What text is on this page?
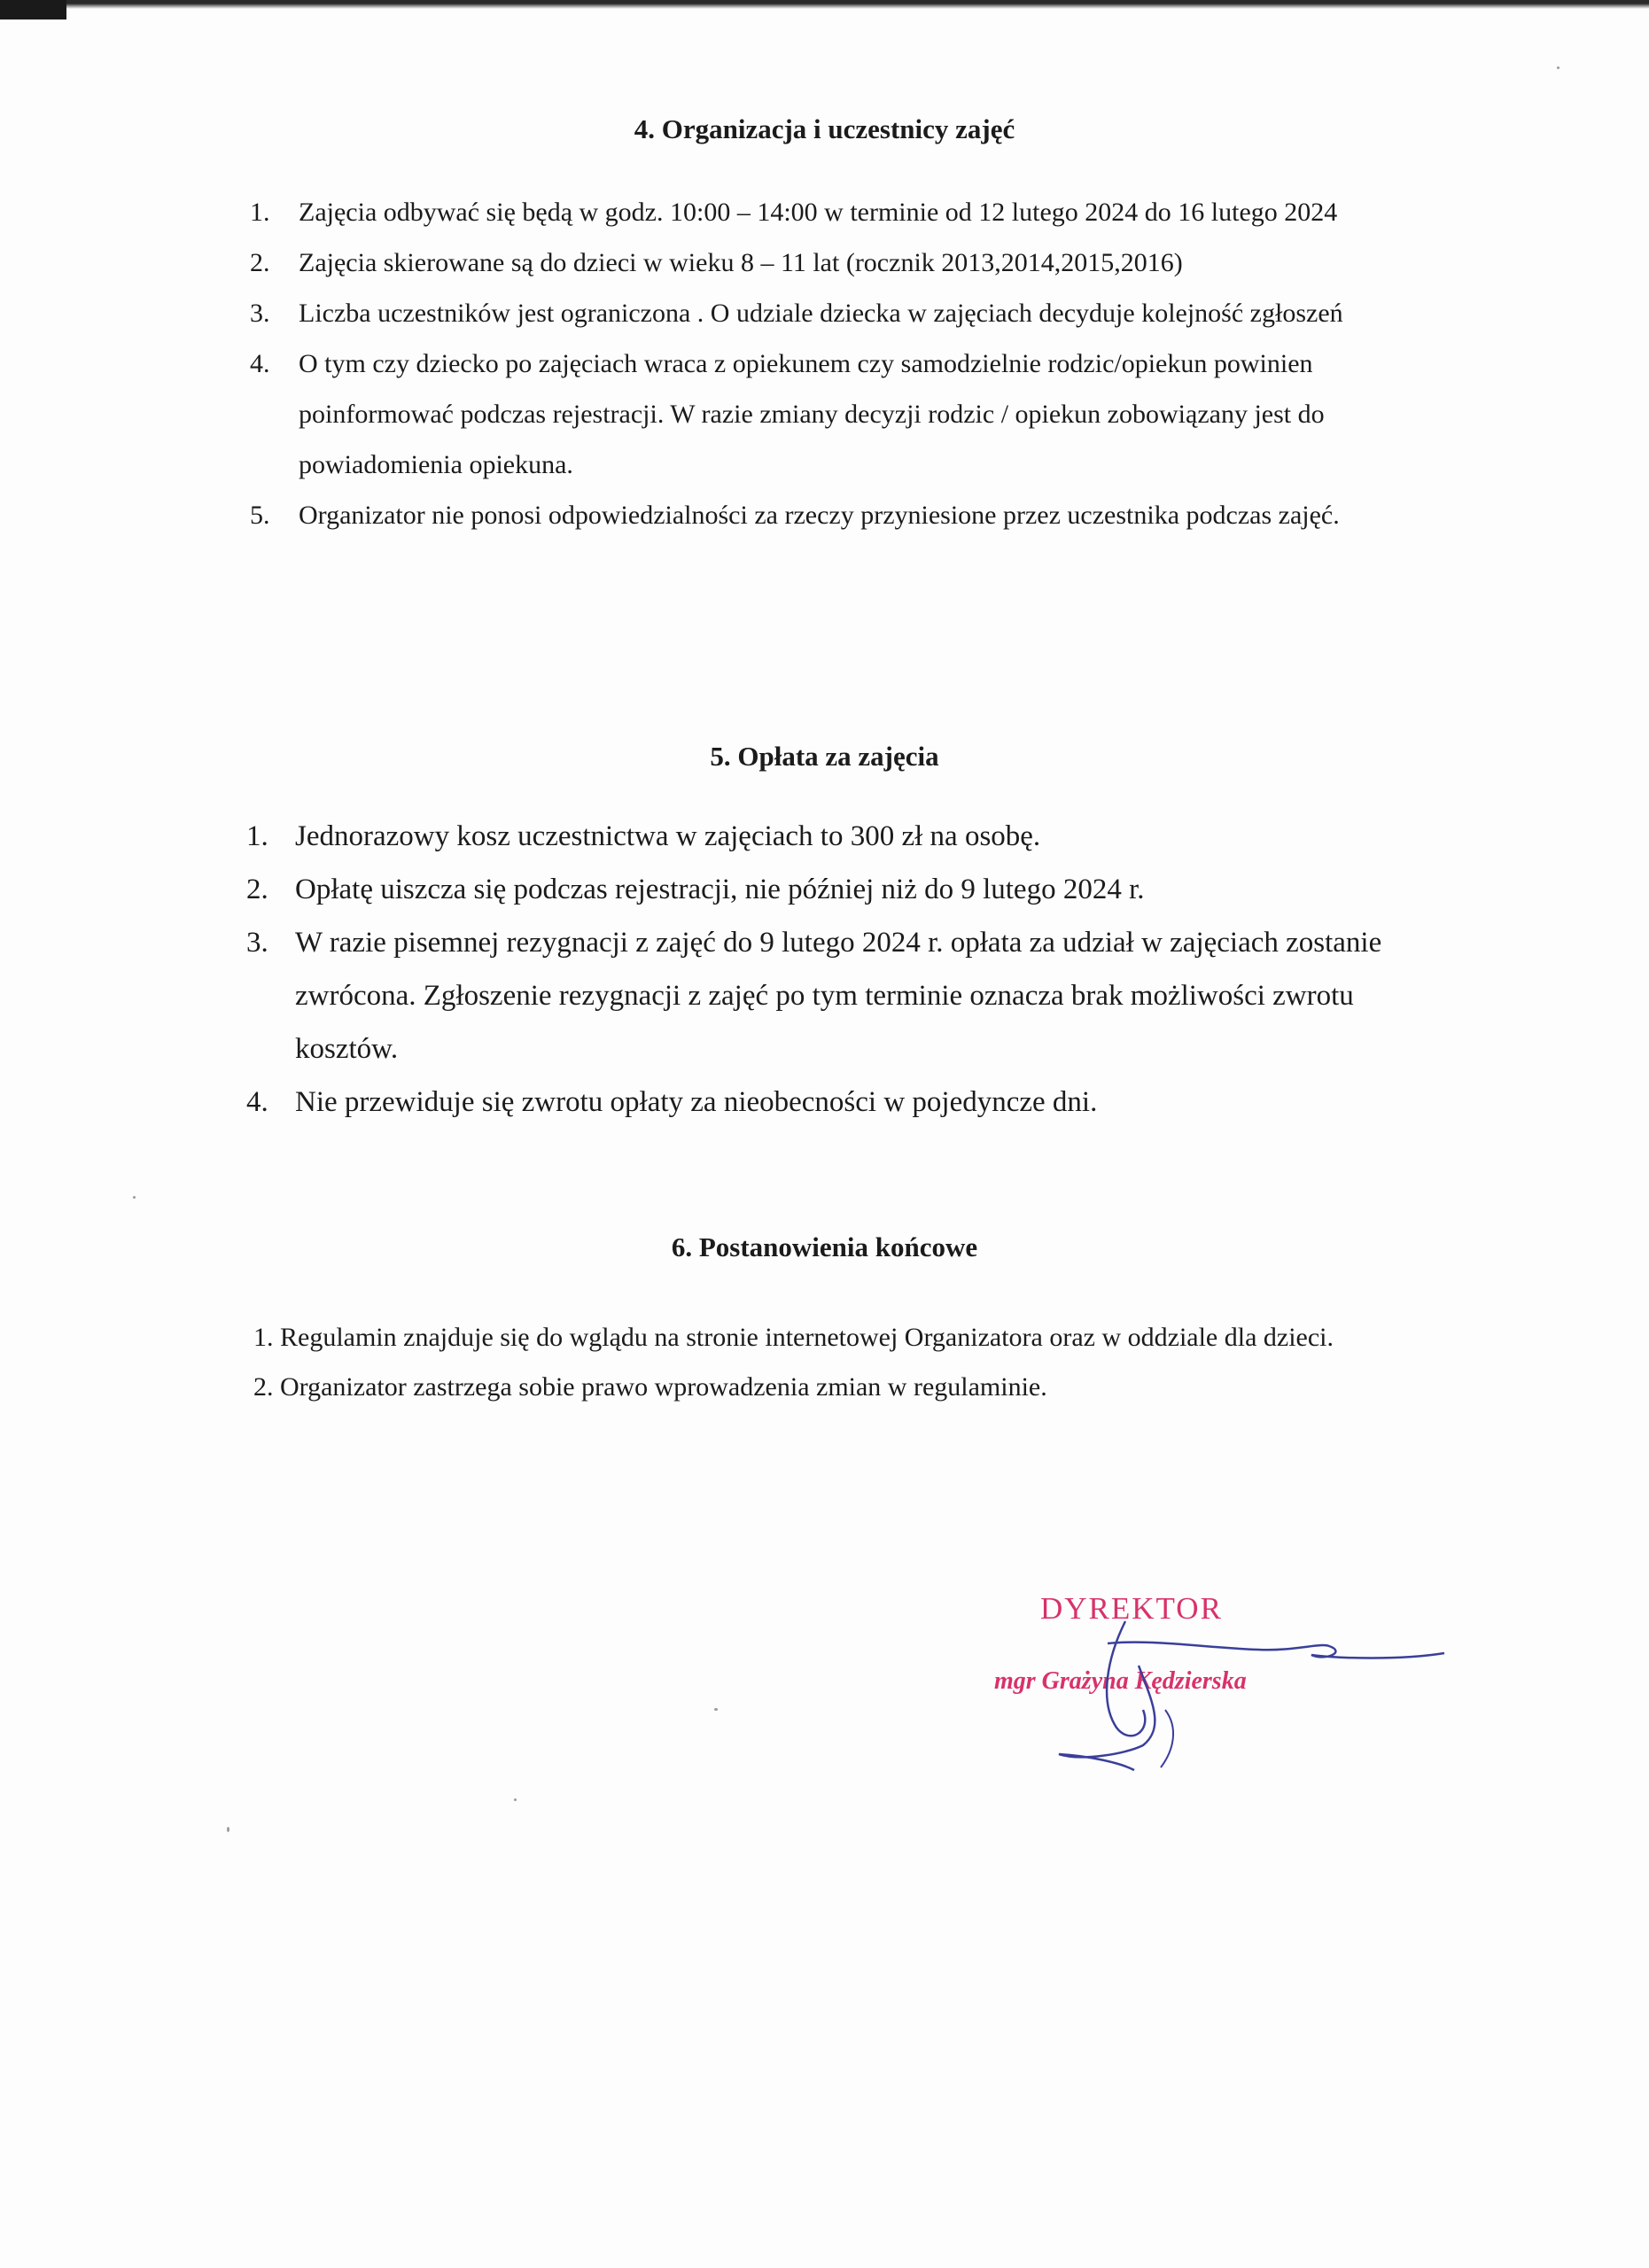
4. Organizacja i uczestnicy zajęć
1. Zajęcia odbywać się będą w godz. 10:00 – 14:00 w terminie od 12 lutego 2024 do 16 lutego 2024
2. Zajęcia skierowane są do dzieci w wieku 8 – 11 lat (rocznik 2013,2014,2015,2016)
3. Liczba uczestników jest ograniczona . O udziale dziecka w zajęciach decyduje kolejność zgłoszeń
4. O tym czy dziecko po zajęciach wraca z opiekunem czy samodzielnie rodzic/opiekun powinien poinformować podczas rejestracji. W razie zmiany decyzji rodzic / opiekun zobowiązany jest do powiadomienia opiekuna.
5. Organizator nie ponosi odpowiedzialności za rzeczy przyniesione przez uczestnika podczas zajęć.
5. Opłata za zajęcia
1. Jednorazowy kosz uczestnictwa w zajęciach to 300 zł na osobę.
2. Opłatę uiszcza się podczas rejestracji, nie później niż do 9 lutego 2024 r.
3. W razie pisemnej rezygnacji z zajęć do 9 lutego 2024 r. opłata za udział w zajęciach zostanie zwrócona. Zgłoszenie rezygnacji z zajęć po tym terminie oznacza brak możliwości zwrotu kosztów.
4. Nie przewiduje się zwrotu opłaty za nieobecności w pojedyncze dni.
6. Postanowienia końcowe
1. Regulamin znajduje się do wglądu na stronie internetowej Organizatora oraz w oddziale dla dzieci.
2. Organizator zastrzega sobie prawo wprowadzenia zmian w regulaminie.
DYREKTOR
mgr Grażyna Kędzierska
